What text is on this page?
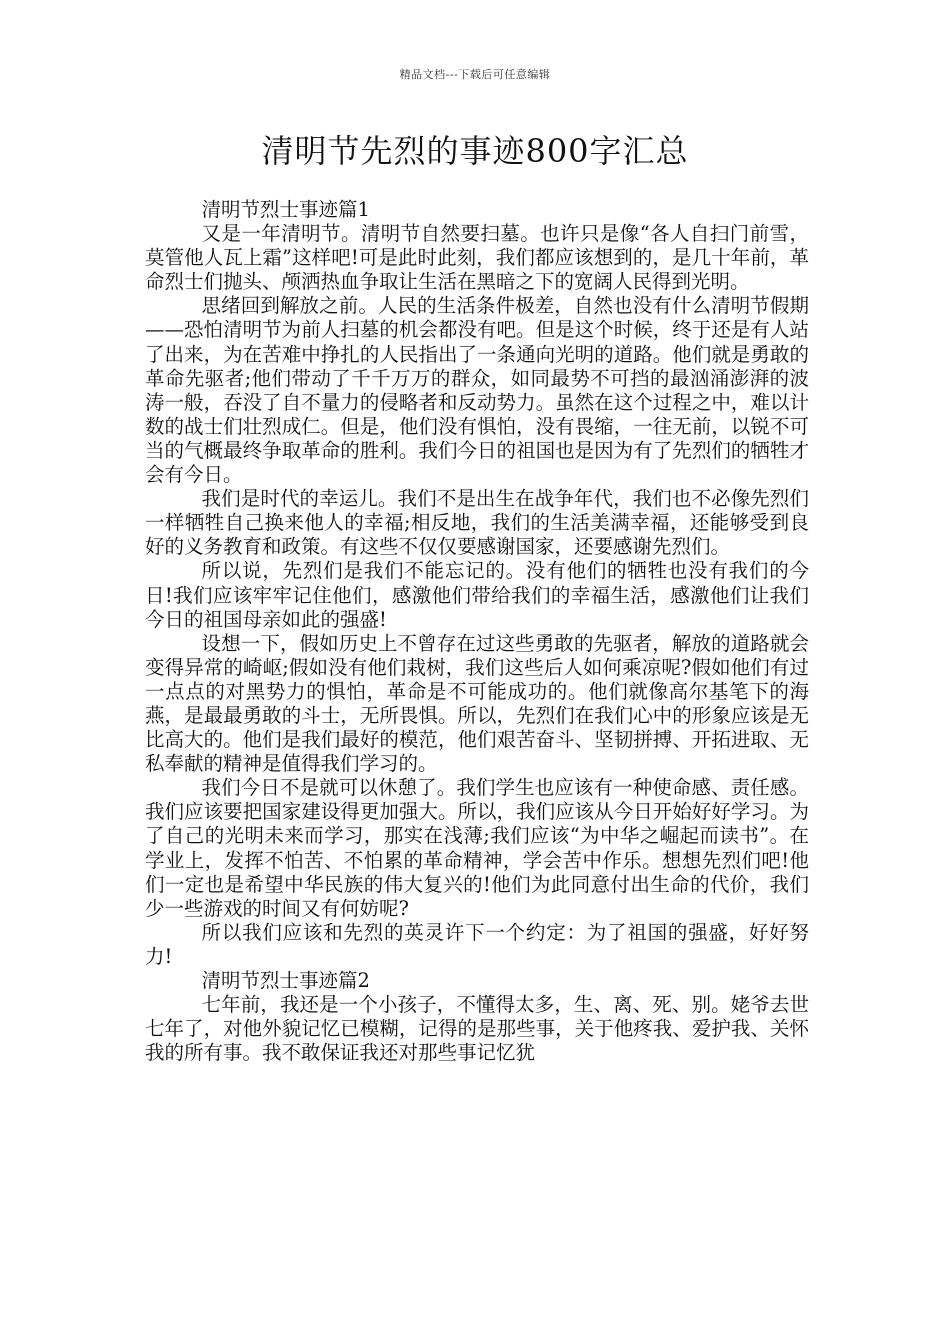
精品文档---下载后可任意编辑
清明节先烈的事迹800字汇总

清明节烈士事迹篇1

又是一年清明节。清明节自然要扫墓。也许只是像“各人自扫门前雪，莫管他人瓦上霜”这样吧!可是此时此刻，我们都应该想到的，是几十年前，革命烈士们抛头、颅洒热血争取让生活在黑暗之下的宽阔人民得到光明。

思绪回到解放之前。人民的生活条件极差，自然也没有什么清明节假期——恐怕清明节为前人扫墓的机会都没有吧。但是这个时候，终于还是有人站了出来，为在苦难中挣扎的人民指出了一条通向光明的道路。他们就是勇敢的革命先驱者;他们带动了千千万万的群众，如同最势不可挡的最汹涌澎湃的波涛一般，吞没了自不量力的侵略者和反动势力。虽然在这个过程之中，难以计数的战士们壮烈成仁。但是，他们没有惧怕，没有畏缩，一往无前，以锐不可当的气概最终争取革命的胜利。我们今日的祖国也是因为有了先烈们的牺牲才会有今日。

我们是时代的幸运儿。我们不是出生在战争年代，我们也不必像先烈们一样牺牲自己换来他人的幸福;相反地，我们的生活美满幸福，还能够受到良好的义务教育和政策。有这些不仅仅要感谢国家，还要感谢先烈们。

所以说，先烈们是我们不能忘记的。没有他们的牺牲也没有我们的今日!我们应该牢牢记住他们，感激他们带给我们的幸福生活，感激他们让我们今日的祖国母亲如此的强盛!

设想一下，假如历史上不曾存在过这些勇敢的先驱者，解放的道路就会变得异常的崎岖;假如没有他们栽树，我们这些后人如何乘凉呢?假如他们有过一点点的对黑势力的惧怕，革命是不可能成功的。他们就像高尔基笔下的海燕，是最最勇敢的斗士，无所畏惧。所以，先烈们在我们心中的形象应该是无比高大的。他们是我们最好的模范，他们艰苦奋斗、坚韧拼搏、开拓进取、无私奉献的精神是值得我们学习的。

我们今日不是就可以休憩了。我们学生也应该有一种使命感、责任感。我们应该要把国家建设得更加强大。所以，我们应该从今日开始好好学习。为了自己的光明未来而学习，那实在浅薄;我们应该“为中华之崛起而读书”。在学业上，发挥不怕苦、不怕累的革命精神，学会苦中作乐。想想先烈们吧!他们一定也是希望中华民族的伟大复兴的!他们为此同意付出生命的代价，我们少一些游戏的时间又有何妨呢?

所以我们应该和先烈的英灵许下一个约定：为了祖国的强盛，好好努力!

清明节烈士事迹篇2

七年前，我还是一个小孩子，不懂得太多，生、离、死、别。姥爷去世七年了，对他外貌记忆已模糊，记得的是那些事，关于他疼我、爱护我、关怀我的所有事。我不敢保证我还对那些事记忆犹
